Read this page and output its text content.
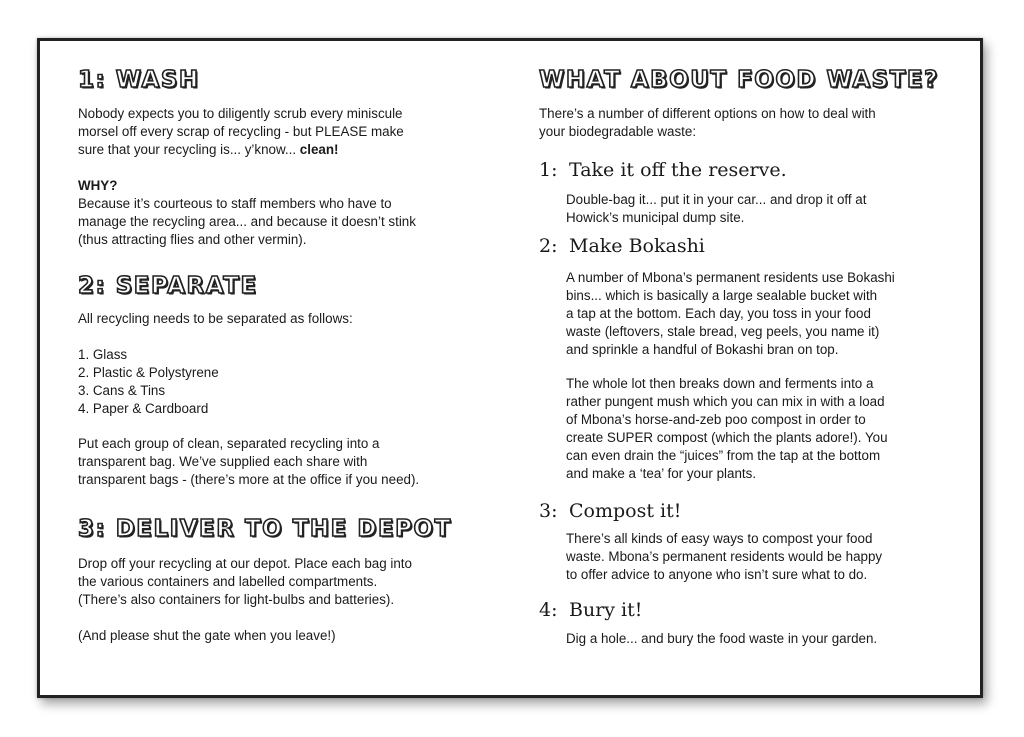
1: WASH

Nobody expects you to diligently scrub every miniscule
morsel off every scrap of recycling - but PLEASE make
sure that your recycling is... y’know... clean!

WHY?

Because it’s courteous to staff members who have to
manage the recycling area... and because it doesn’t stink
(thus attracting flies and other vermin).

2: SEPARATE

All recycling needs to be separated as follows:

1. Glass
2. Plastic & Polystyrene
3. Cans & Tins
4. Paper & Cardboard

Put each group of clean, separated recycling into a
transparent bag. We’ve supplied each share with
transparent bags - (there’s more at the office if you need).

3: DELIVER TO THE DEPOT

Drop off your recycling at our depot. Place each bag into
the various containers and labelled compartments.
(There’s also containers for light-bulbs and batteries).

(And please shut the gate when you leave!)

WHAT ABOUT FOOD WASTE?

There’s a number of different options on how to deal with
your biodegradable waste:

1: Take it off the reserve.

Double-bag it... put it in your car... and drop it off at
Howick’s municipal dump site.

2: Make Bokashi

A number of Mbona’s permanent residents use Bokashi
bins... which is basically a large sealable bucket with
a tap at the bottom. Each day, you toss in your food
waste (leftovers, stale bread, veg peels, you name it)
and sprinkle a handful of Bokashi bran on top.

The whole lot then breaks down and ferments into a
rather pungent mush which you can mix in with a load
of Mbona’s horse-and-zeb poo compost in order to
create SUPER compost (which the plants adore!). You
can even drain the “juices” from the tap at the bottom
and make a ‘tea’ for your plants.

3: Compost it!

There’s all kinds of easy ways to compost your food
waste. Mbona’s permanent residents would be happy
to offer advice to anyone who isn’t sure what to do.

4: Bury it!

Dig a hole... and bury the food waste in your garden.
